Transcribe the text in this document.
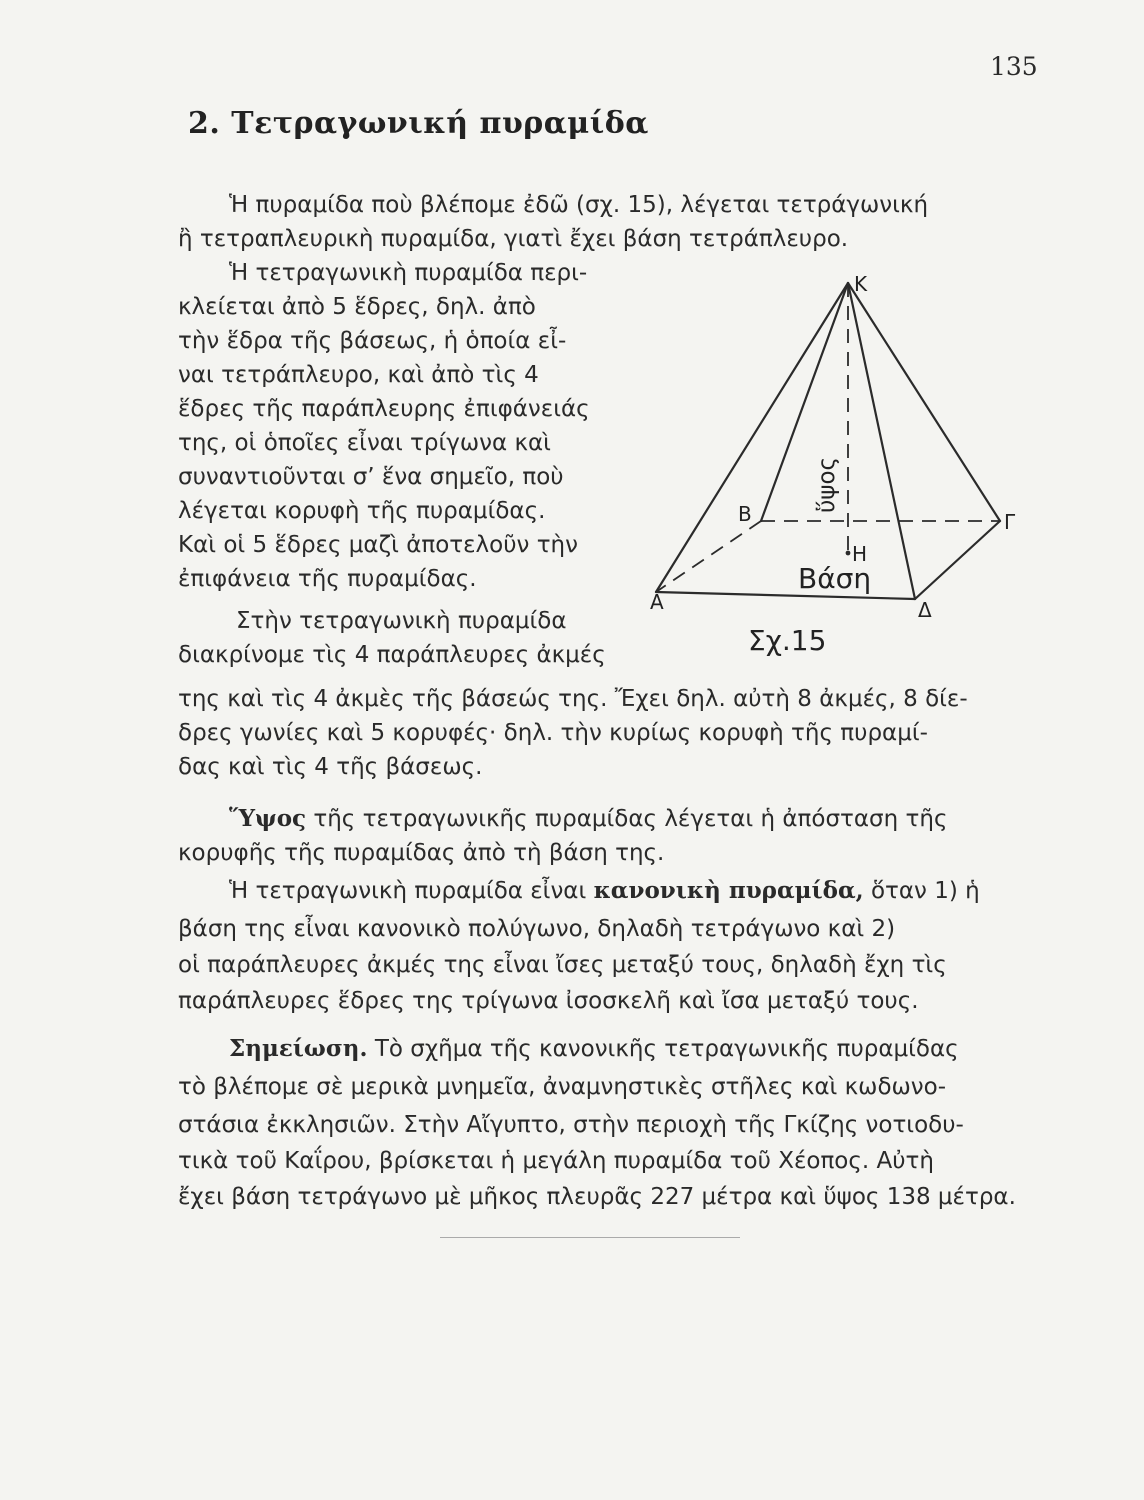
135
2. Τετραγωνική πυραμίδα

Ἡ πυραμίδα ποὺ βλέπομε ἐδῶ (σχ. 15), λέγεται τετράγωνική

ἢ τετραπλευρικὴ πυραμίδα, γιατὶ ἔχει βάση τετράπλευρο.

Ἡ τετραγωνικὴ πυραμίδα περι-

κλείεται ἀπὸ 5 ἕδρες, δηλ. ἀπὸ

τὴν ἕδρα τῆς βάσεως, ἡ ὁποία εἶ-

ναι τετράπλευρο, καὶ ἀπὸ τὶς 4

ἕδρες τῆς παράπλευρης ἐπιφάνειάς

της, οἱ ὁποῖες εἶναι τρίγωνα καὶ

συναντιοῦνται σ’ ἕνα σημεῖο, ποὺ

λέγεται κορυφὴ τῆς πυραμίδας.

Καὶ οἱ 5 ἕδρες μαζὶ ἀποτελοῦν τὴν

ἐπιφάνεια τῆς πυραμίδας.

Στὴν τετραγωνικὴ πυραμίδα

διακρίνομε τὶς 4 παράπλευρες ἀκμές

Κ
Α
Β	Γ
Δ
Η
ὕψος
Βάση
Σχ.15

της καὶ τὶς 4 ἀκμὲς τῆς βάσεώς της. Ἔχει δηλ. αὐτὴ 8 ἀκμές, 8 δίε-

δρες γωνίες καὶ 5 κορυφές· δηλ. τὴν κυρίως κορυφὴ τῆς πυραμί-

δας καὶ τὶς 4 τῆς βάσεως.

Ὕψος τῆς τετραγωνικῆς πυραμίδας λέγεται ἡ ἀπόσταση τῆς

κορυφῆς τῆς πυραμίδας ἀπὸ τὴ βάση της.

Ἡ τετραγωνικὴ πυραμίδα εἶναι κανονικὴ πυραμίδα, ὅταν 1) ἡ

βάση της εἶναι κανονικὸ πολύγωνο, δηλαδὴ τετράγωνο καὶ 2)

οἱ παράπλευρες ἀκμές της εἶναι ἴσες μεταξύ τους, δηλαδὴ ἔχη τὶς

παράπλευρες ἕδρες της τρίγωνα ἰσοσκελῆ καὶ ἴσα μεταξύ τους.

Σημείωση. Τὸ σχῆμα τῆς κανονικῆς τετραγωνικῆς πυραμίδας

τὸ βλέπομε σὲ μερικὰ μνημεῖα, ἀναμνηστικὲς στῆλες καὶ κωδωνο-

στάσια ἐκκλησιῶν. Στὴν Αἴγυπτο, στὴν περιοχὴ τῆς Γκίζης νοτιοδυ-

τικὰ τοῦ Καΐρου, βρίσκεται ἡ μεγάλη πυραμίδα τοῦ Χέοπος. Αὐτὴ

ἔχει βάση τετράγωνο μὲ μῆκος πλευρᾶς 227 μέτρα καὶ ὕψος 138 μέτρα.
